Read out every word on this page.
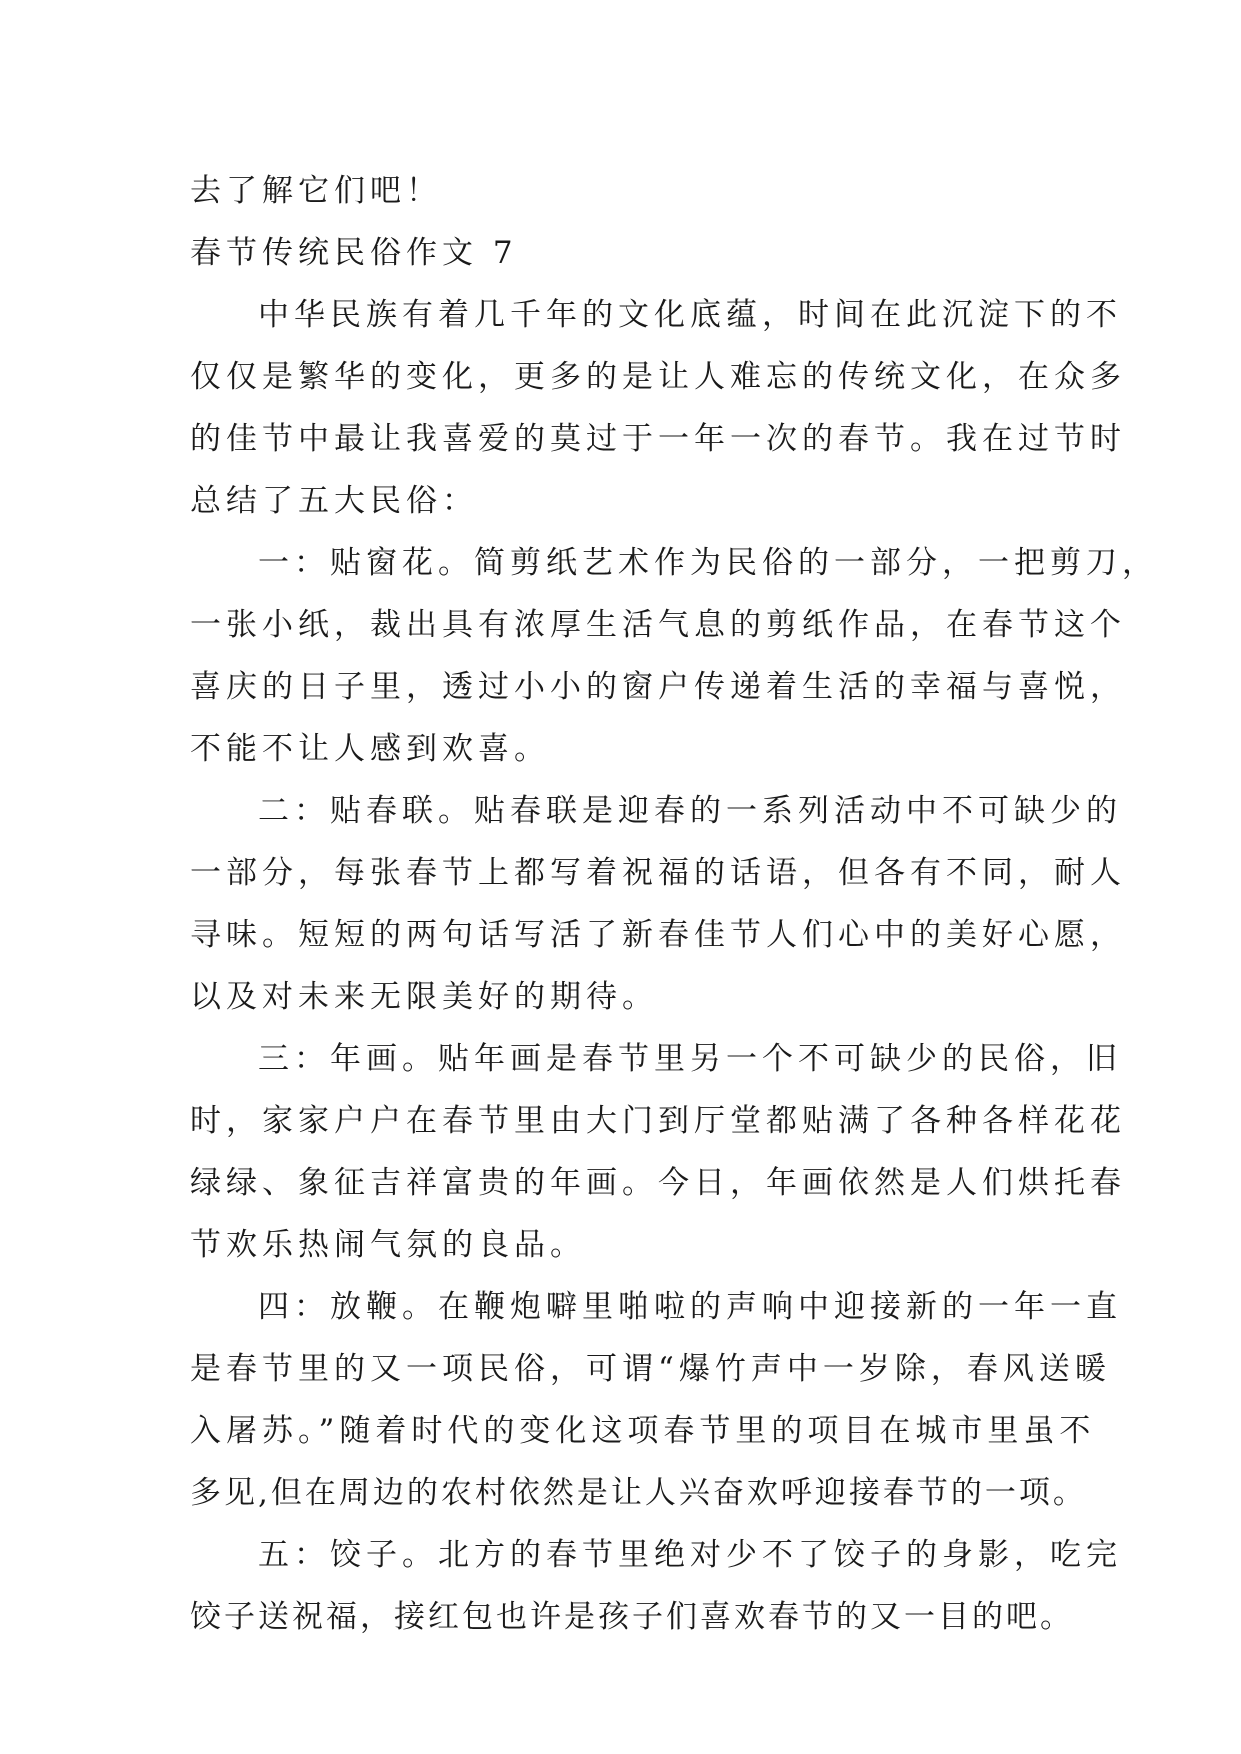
去了解它们吧！
春节传统民俗作文 7
中华民族有着几千年的文化底蕴，时间在此沉淀下的不
仅仅是繁华的变化，更多的是让人难忘的传统文化，在众多
的佳节中最让我喜爱的莫过于一年一次的春节。我在过节时
总结了五大民俗：
一：贴窗花。简剪纸艺术作为民俗的一部分，一把剪刀，
一张小纸，裁出具有浓厚生活气息的剪纸作品，在春节这个
喜庆的日子里，透过小小的窗户传递着生活的幸福与喜悦，
不能不让人感到欢喜。
二：贴春联。贴春联是迎春的一系列活动中不可缺少的
一部分，每张春节上都写着祝福的话语，但各有不同，耐人
寻味。短短的两句话写活了新春佳节人们心中的美好心愿，
以及对未来无限美好的期待。
三：年画。贴年画是春节里另一个不可缺少的民俗，旧
时，家家户户在春节里由大门到厅堂都贴满了各种各样花花
绿绿、象征吉祥富贵的年画。今日，年画依然是人们烘托春
节欢乐热闹气氛的良品。
四：放鞭。在鞭炮噼里啪啦的声响中迎接新的一年一直
是春节里的又一项民俗，可谓“爆竹声中一岁除，春风送暖
入屠苏。”随着时代的变化这项春节里的项目在城市里虽不
多见,但在周边的农村依然是让人兴奋欢呼迎接春节的一项。
五：饺子。北方的春节里绝对少不了饺子的身影，吃完
饺子送祝福，接红包也许是孩子们喜欢春节的又一目的吧。
